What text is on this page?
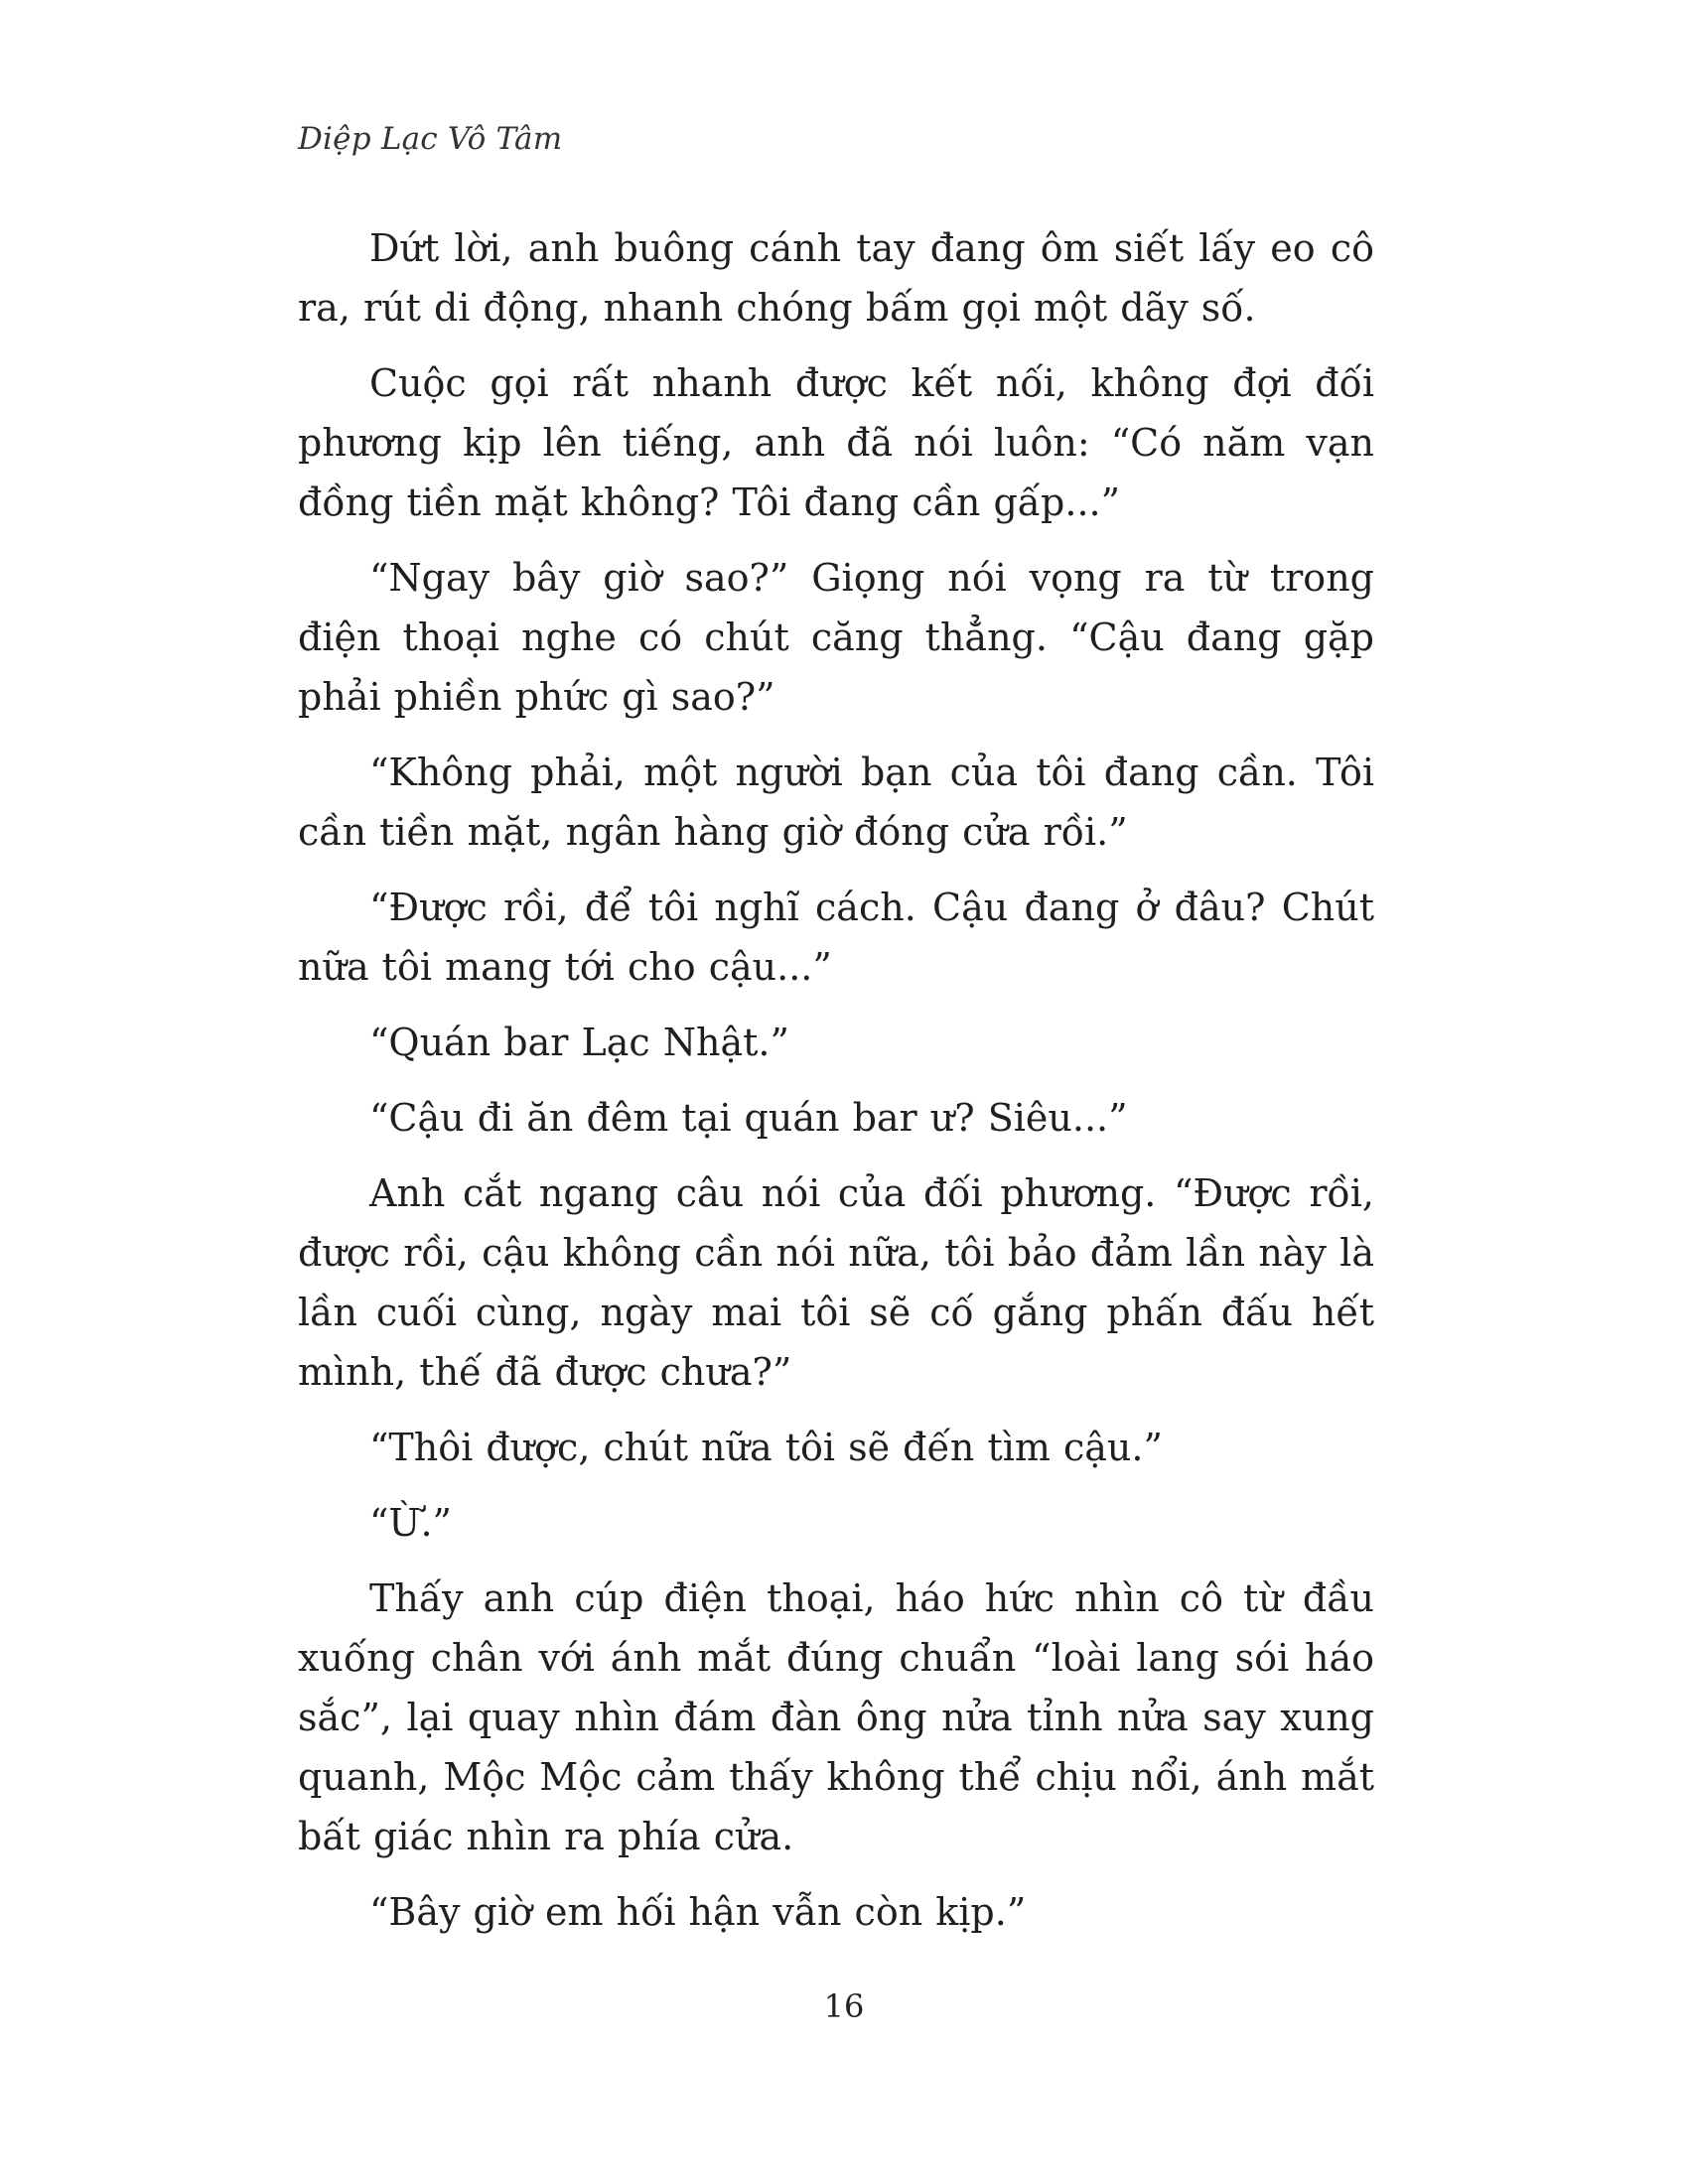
Diệp Lạc Vô Tâm

Dứt lời, anh buông cánh tay đang ôm siết lấy eo cô ra, rút di động, nhanh chóng bấm gọi một dãy số.

Cuộc gọi rất nhanh được kết nối, không đợi đối phương kịp lên tiếng, anh đã nói luôn: “Có năm vạn đồng tiền mặt không? Tôi đang cần gấp...”

“Ngay bây giờ sao?” Giọng nói vọng ra từ trong điện thoại nghe có chút căng thẳng. “Cậu đang gặp phải phiền phức gì sao?”

“Không phải, một người bạn của tôi đang cần. Tôi cần tiền mặt, ngân hàng giờ đóng cửa rồi.”

“Được rồi, để tôi nghĩ cách. Cậu đang ở đâu? Chút nữa tôi mang tới cho cậu...”

“Quán bar Lạc Nhật.”

“Cậu đi ăn đêm tại quán bar ư? Siêu...”

Anh cắt ngang câu nói của đối phương. “Được rồi, được rồi, cậu không cần nói nữa, tôi bảo đảm lần này là lần cuối cùng, ngày mai tôi sẽ cố gắng phấn đấu hết mình, thế đã được chưa?”

“Thôi được, chút nữa tôi sẽ đến tìm cậu.”

“Ừ.”

Thấy anh cúp điện thoại, háo hức nhìn cô từ đầu xuống chân với ánh mắt đúng chuẩn “loài lang sói háo sắc”, lại quay nhìn đám đàn ông nửa tỉnh nửa say xung quanh, Mộc Mộc cảm thấy không thể chịu nổi, ánh mắt bất giác nhìn ra phía cửa.

“Bây giờ em hối hận vẫn còn kịp.”

16
